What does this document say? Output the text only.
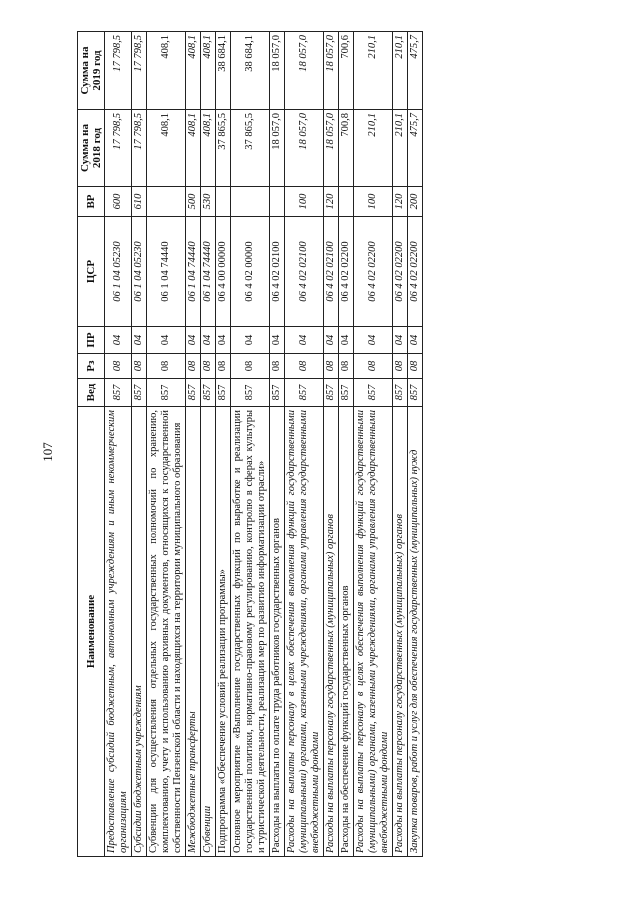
107
Наименование	Вед	Рз	ПР	ЦСР	ВР	Сумма на 2018 год	Сумма на 2019 год
Предоставление субсидий бюджетным, автономным учреждениям и иным некоммерческим организациям	857	08	04	06 1 04 05230	600	17 798,5	17 798,5
Субсидии бюджетным учреждениям	857	08	04	06 1 04 05230	610	17 798,5	17 798,5
Субвенции для осуществления отдельных государственных полномочий по хранению, комплектованию, учету и использованию архивных документов, относящихся к государственной собственности Пензенской области и находящихся на территории муниципального образования	857	08	04	06 1 04 74440		408,1	408,1
Межбюджетные трансферты	857	08	04	06 1 04 74440	500	408,1	408,1
Субвенции	857	08	04	06 1 04 74440	530	408,1	408,1
Подпрограмма «Обеспечение условий реализации программы»	857	08	04	06 4 00 00000		37 865,5	38 684,1
Основное мероприятие «Выполнение государственных функций по выработке и реализации государственной политики, нормативно-правовому регулированию, контролю в сферах культуры и туристической деятельности, реализации мер по развитию информатизации отрасли»	857	08	04	06 4 02 00000		37 865,5	38 684,1
Расходы на выплаты по оплате труда работников государственных органов	857	08	04	06 4 02 02100		18 057,0	18 057,0
Расходы на выплаты персоналу в целях обеспечения выполнения функций государственными (муниципальными) органами, казенными учреждениями, органами управления государственными внебюджетными фондами	857	08	04	06 4 02 02100	100	18 057,0	18 057,0
Расходы на выплаты персоналу государственных (муниципальных) органов	857	08	04	06 4 02 02100	120	18 057,0	18 057,0
Расходы на обеспечение функций государственных органов	857	08	04	06 4 02 02200		700,8	700,6
Расходы на выплаты персоналу в целях обеспечения выполнения функций государственными (муниципальными) органами, казенными учреждениями, органами управления государственными внебюджетными фондами	857	08	04	06 4 02 02200	100	210,1	210,1
Расходы на выплаты персоналу государственных (муниципальных) органов	857	08	04	06 4 02 02200	120	210,1	210,1
Закупка товаров, работ и услуг для обеспечения государственных (муниципальных) нужд	857	08	04	06 4 02 02200	200	475,7	475,7
